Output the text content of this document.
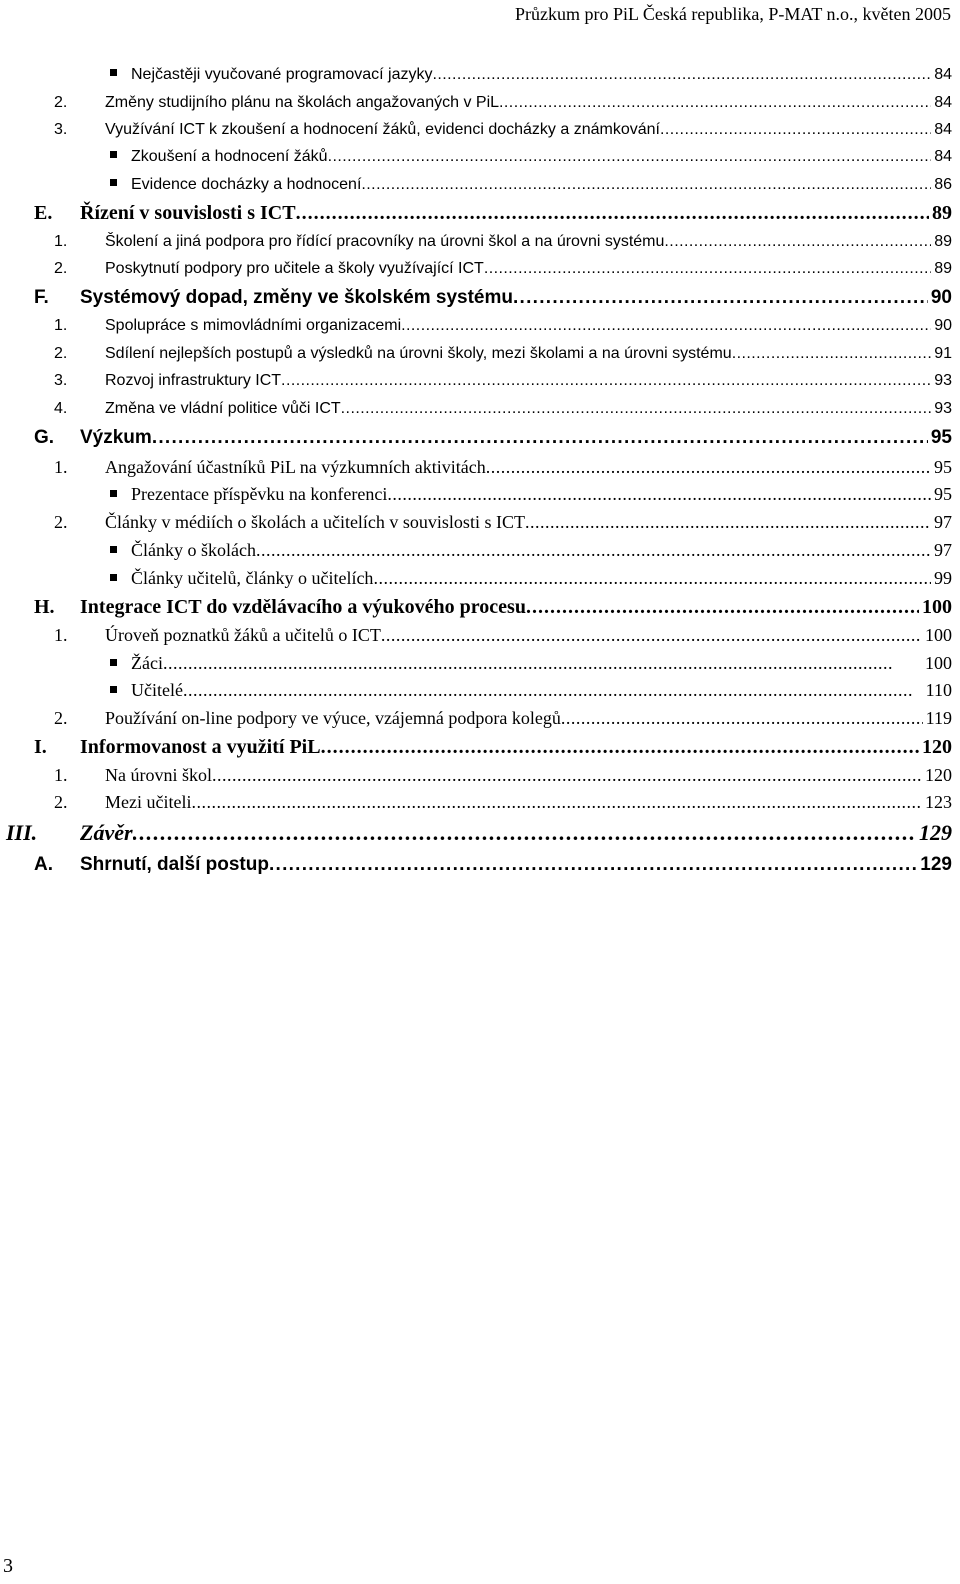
Průzkum pro PiL Česká republika, P-MAT n.o., květen 2005
Nejčastěji vyučované programovací jazyky . . .	84
2. Změny studijního plánu na školách angažovaných v PiL . . .	84
3. Využívání ICT k zkoušení a hodnocení žáků, evidenci docházky a známkování . . .	84
Zkoušení a hodnocení žáků . . .	84
Evidence docházky a hodnocení . . .	86
E. Řízení v souvislosti s ICT . . .	89
1. Školení a jiná podpora pro řídící pracovníky na úrovni škol a na úrovni systému . . .	89
2. Poskytnutí podpory pro učitele a školy využívající ICT . . .	89
F. Systémový dopad, změny ve školském systému . . .	90
1. Spolupráce s mimovládními organizacemi . . .	90
2. Sdílení nejlepších postupů a výsledků na úrovni školy, mezi školami a na úrovni systému . . .	91
3. Rozvoj infrastruktury ICT . . .	93
4. Změna ve vládní politice vůči ICT . . .	93
G. Výzkum . . .	95
1. Angažování účastníků PiL na výzkumních aktivitách . . .	95
Prezentace příspěvku na konferenci . . .	95
2. Články v médiích o školách a učitelích v souvislosti s ICT . . .	97
Články o školách . . .	97
Články učitelů, články o učitelích . . .	99
H. Integrace ICT do vzdělávacího a výukového procesu . . .	100
1. Úroveň poznatků žáků a učitelů o ICT . . .	100
Žáci . . .	100
Učitelé . . .	110
2. Používání on-line podpory ve výuce, vzájemná podpora kolegů . . .	119
I. Informovanost a využití PiL . . .	120
1. Na úrovni škol . . .	120
2. Mezi učiteli . . .	123
III. Závěr . . .	129
A. Shrnutí, další postup . . .	129
3
